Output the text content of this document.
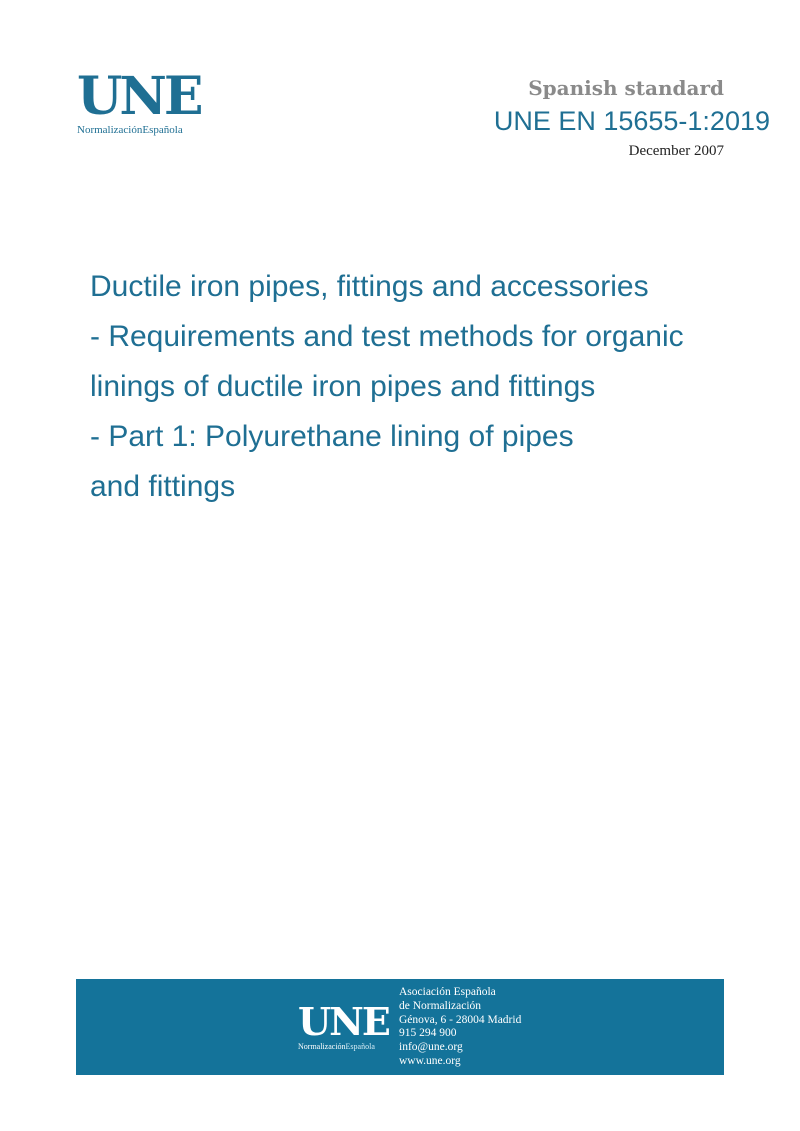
UNE
NormalizaciónEspañola
Spanish standard
UNE EN 15655-1:2019
December 2007
Ductile iron pipes, fittings and accessories
- Requirements and test methods for organic
linings of ductile iron pipes and fittings
- Part 1: Polyurethane lining of pipes
and fittings
UNE
NormalizaciónEspañola
Asociación Española
de Normalización
Génova, 6 - 28004 Madrid
915 294 900
info@une.org
www.une.org
